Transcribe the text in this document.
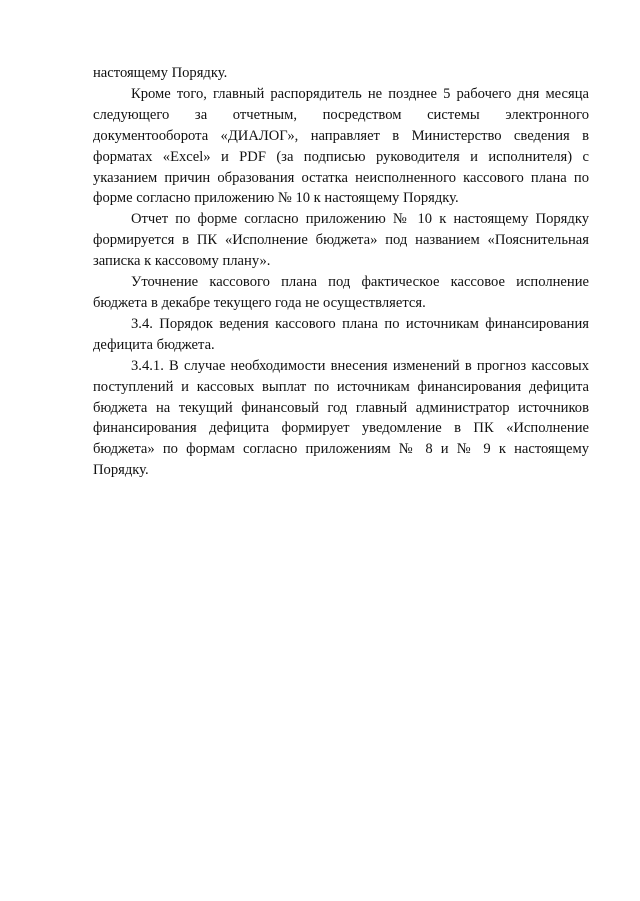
настоящему Порядку.

Кроме того, главный распорядитель не позднее 5 рабочего дня месяца следующего за отчетным, посредством системы электронного документооборота «ДИАЛОГ», направляет в Министерство сведения в форматах «Excel» и PDF (за подписью руководителя и исполнителя) с указанием причин образования остатка неисполненного кассового плана по форме согласно приложению № 10 к настоящему Порядку.

Отчет по форме согласно приложению № 10 к настоящему Порядку формируется в ПК «Исполнение бюджета» под названием «Пояснительная записка к кассовому плану».

Уточнение кассового плана под фактическое кассовое исполнение бюджета в декабре текущего года не осуществляется.

3.4. Порядок ведения кассового плана по источникам финансирования дефицита бюджета.

3.4.1. В случае необходимости внесения изменений в прогноз кассовых поступлений и кассовых выплат по источникам финансирования дефицита бюджета на текущий финансовый год главный администратор источников финансирования дефицита формирует уведомление в ПК «Исполнение бюджета» по формам согласно приложениям № 8 и № 9 к настоящему Порядку.
